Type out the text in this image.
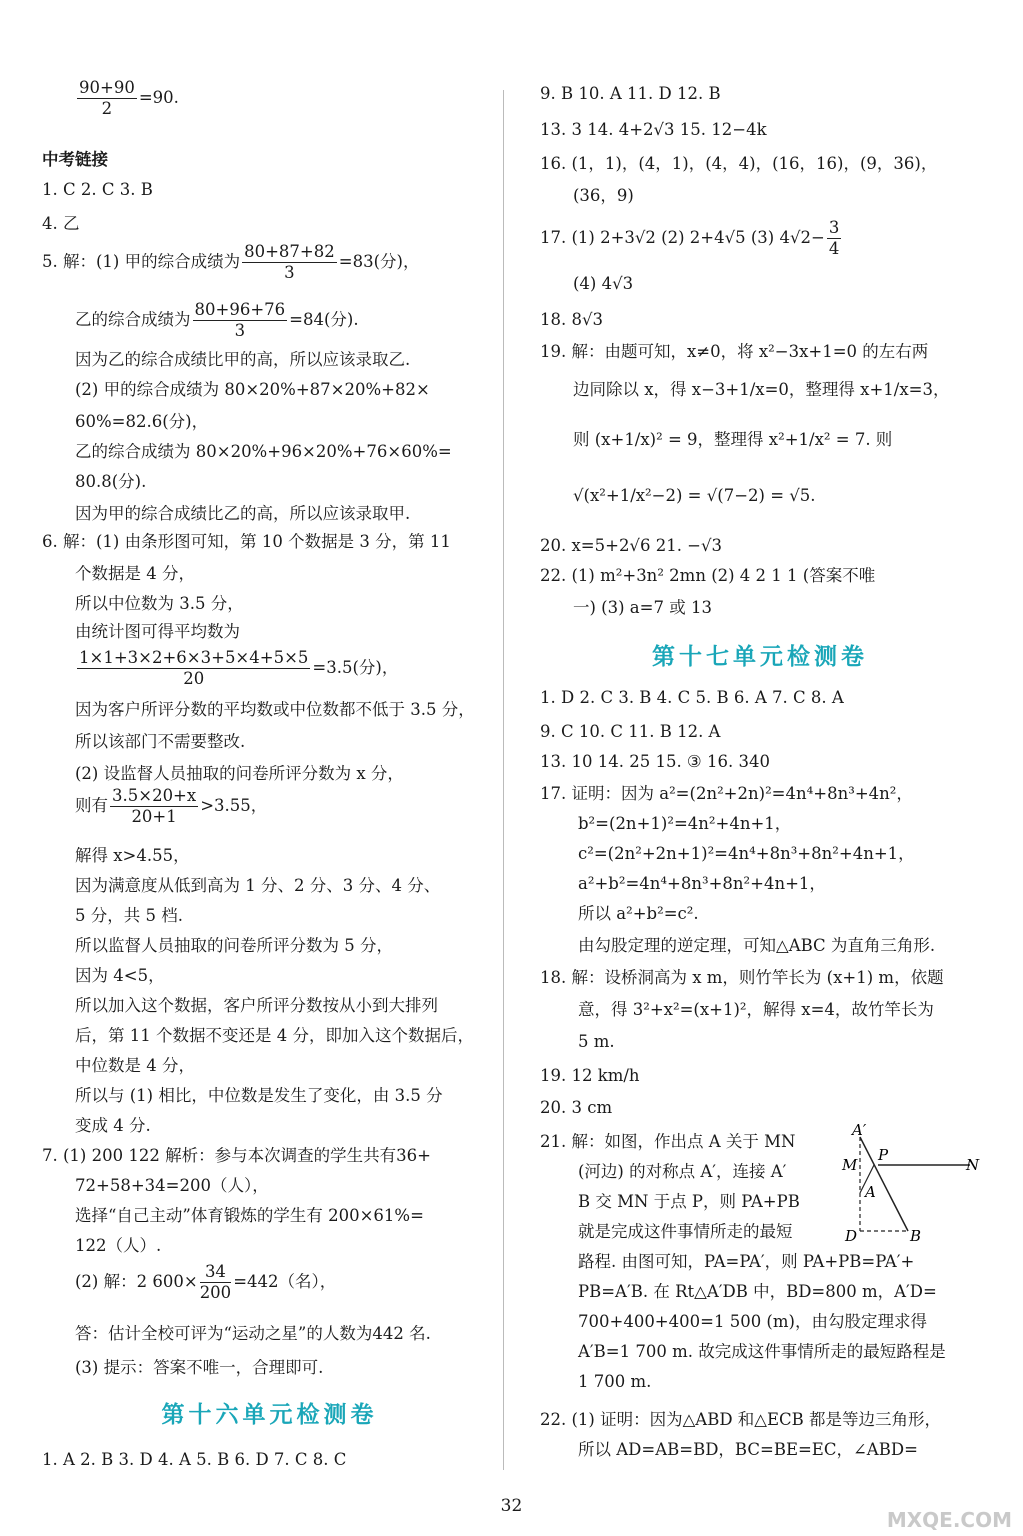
$\frac{90+90}{2} =90$.
中考链接
1. C 2. C 3. B
4. 乙
5. 解：(1) 甲的综合成绩为 $\frac{80+87+82}{3} =83$(分)，
乙的综合成绩为 $\frac{80+96+76}{3} =84$(分).
因为乙的综合成绩比甲的高，所以应该录取乙.
(2) 甲的综合成绩为 80×20%+87×20%+82×
60%=82.6(分)，
乙的综合成绩为 80×20%+96×20%+76×60%=
80.8(分).
因为甲的综合成绩比乙的高，所以应该录取甲.
6. 解：(1) 由条形图可知，第 10 个数据是 3 分，第 11
个数据是 4 分，
所以中位数为 3.5 分，
由统计图可得平均数为
$\frac{1\times 1+3\times 2+6\times 3+5\times 4+5\times 5}{20} =3.5$(分)，
因为客户所评分数的平均数或中位数都不低于 3.5 分，
所以该部门不需要整改.
(2) 设监督人员抽取的问卷所评分数为 x 分，
则有 $\frac{3.5\times 20+x}{20+1} >3.55$，
解得 x>4.55，
因为满意度从低到高为 1 分、2 分、3 分、4 分、
5 分，共 5 档.
所以监督人员抽取的问卷所评分数为 5 分，
因为 4<5，
所以加入这个数据，客户所评分数按从小到大排列
后，第 11 个数据不变还是 4 分，即加入这个数据后，
中位数是 4 分，
所以与 (1) 相比，中位数是发生了变化，由 3.5 分
变成 4 分.
7. (1) 200 122 解析：参与本次调查的学生共有36+
72+58+34=200（人），
选择“自己主动”体育锻炼的学生有 200×61%=
122（人）.
(2) 解：2 $600\times \frac{34}{200} =442$（名），
答：估计全校可评为“运动之星”的人数为442 名.
(3) 提示：答案不唯一，合理即可.
第十六单元检测卷
1. A 2. B 3. D 4. A 5. B 6. D 7. C 8. C
9. B 10. A 11. D 12. B
13. 3 14. 4+2√3 15. 12−4k
16. (1，1)，(4，1)，(4，4)，(16，16)，(9，36)，
(36，9)
17. (1) 2+3√2 (2) 2+4√5 (3) $4√2- \frac{3}{4}$
(4) 4√3
18. 8√3
19. 解：由题可知，x≠0，将 x²−3x+1=0 的左右两
边同除以 x，得 x−3+1/x=0，整理得 x+1/x=3，
则 (x+1/x)² = 9，整理得 x²+1/x² = 7. 则
√(x²+1/x²−2) = √(7−2) = √5.
20. x=5+2√6 21. −√3
22. (1) m²+3n² 2mn (2) 4 2 1 1 (答案不唯
一) (3) a=7 或 13
第十七单元检测卷
1. D 2. C 3. B 4. C 5. B 6. A 7. C 8. A
9. C 10. C 11. B 12. A
13. 10 14. 25 15. ③ 16. 340
17. 证明：因为 a²=(2n²+2n)²=4n⁴+8n³+4n²，
b²=(2n+1)²=4n²+4n+1，
c²=(2n²+2n+1)²=4n⁴+8n³+8n²+4n+1，
a²+b²=4n⁴+8n³+8n²+4n+1，
所以 a²+b²=c².
由勾股定理的逆定理，可知△ABC 为直角三角形.
18. 解：设桥洞高为 x m，则竹竿长为 (x+1) m，依题
意，得 3²+x²=(x+1)²，解得 x=4，故竹竿长为
5 m.
19. 12 km/h
20. 3 cm
21. 解：如图，作出点 A 关于 MN
(河边) 的对称点 A′，连接 A′
B 交 MN 于点 P，则 PA+PB
就是完成这件事情所走的最短
路程. 由图可知，PA=PA′，则 PA+PB=PA′+
PB=A′B. 在 Rt△A′DB 中，BD=800 m，A′D=
700+400+400=1 500 (m)，由勾股定理求得
A′B=1 700 m. 故完成这件事情所走的最短路程是
1 700 m.
22. (1) 证明：因为△ABD 和△ECB 都是等边三角形，
所以 AD=AB=BD，BC=BE=EC，∠ABD=
A′
M
P
N
A
D	B
32
MXQE.COM
